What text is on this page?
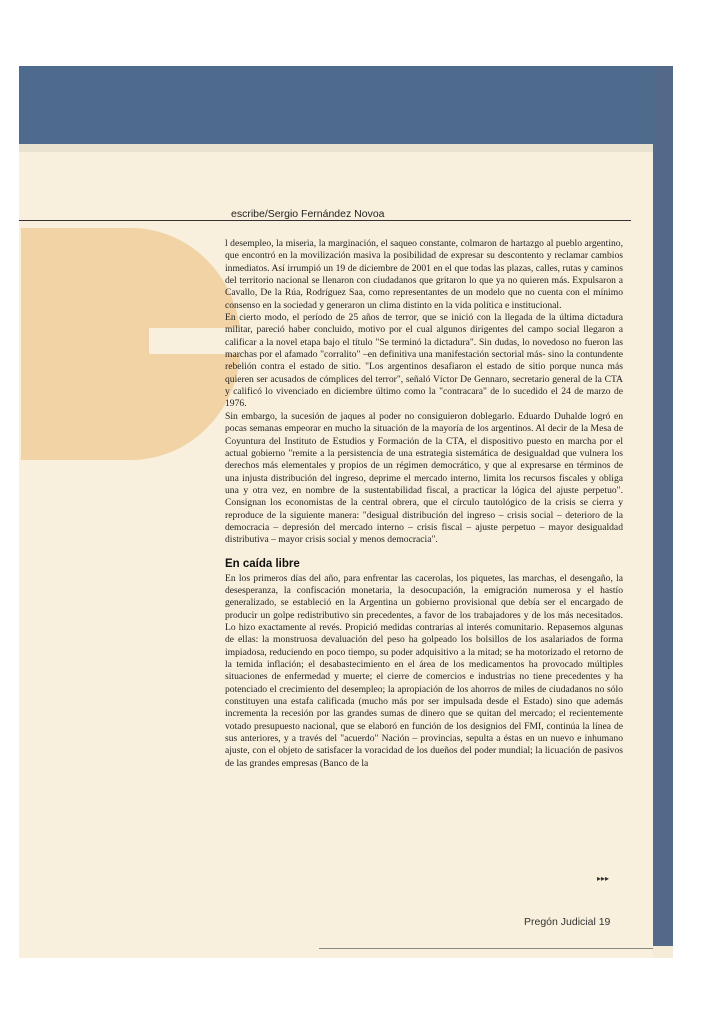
escribe/Sergio Fernández Novoa

l desempleo, la miseria, la marginación, el saqueo constante, colmaron de hartazgo al pueblo argentino, que encontró en la movilización masiva la posibilidad de expresar su descontento y reclamar cambios inmediatos. Así irrumpió un 19 de diciembre de 2001 en el que todas las plazas, calles, rutas y caminos del territorio nacional se llenaron con ciudadanos que gritaron lo que ya no quieren más. Expulsaron a Cavallo, De la Rúa, Rodríguez Saa, como representantes de un modelo que no cuenta con el mínimo consenso en la sociedad y generaron un clima distinto en la vida política e institucional.

En cierto modo, el período de 25 años de terror, que se inició con la llegada de la última dictadura militar, pareció haber concluido, motivo por el cual algunos dirigentes del campo social llegaron a calificar a la novel etapa bajo el título "Se terminó la dictadura". Sin dudas, lo novedoso no fueron las marchas por el afamado "corralito" –en definitiva una manifestación sectorial más- sino la contundente rebelión contra el estado de sitio. "Los argentinos desafiaron el estado de sitio porque nunca más quieren ser acusados de cómplices del terror", señaló Víctor De Gennaro, secretario general de la CTA y calificó lo vivenciado en diciembre último como la "contracara" de lo sucedido el 24 de marzo de 1976.

Sin embargo, la sucesión de jaques al poder no consiguieron doblegarlo. Eduardo Duhalde logró en pocas semanas empeorar en mucho la situación de la mayoría de los argentinos. Al decir de la Mesa de Coyuntura del Instituto de Estudios y Formación de la CTA, el dispositivo puesto en marcha por el actual gobierno "remite a la persistencia de una estrategia sistemática de desigualdad que vulnera los derechos más elementales y propios de un régimen democrático, y que al expresarse en términos de una injusta distribución del ingreso, deprime el mercado interno, limita los recursos fiscales y obliga una y otra vez, en nombre de la sustentabilidad fiscal, a practicar la lógica del ajuste perpetuo". Consignan los economistas de la central obrera, que el círculo tautológico de la crisis se cierra y reproduce de la siguiente manera: "desigual distribución del ingreso – crisis social – deterioro de la democracia – depresión del mercado interno – crisis fiscal – ajuste perpetuo – mayor desigualdad distributiva – mayor crisis social y menos democracia".

En caída libre

En los primeros días del año, para enfrentar las cacerolas, los piquetes, las marchas, el desengaño, la desesperanza, la confiscación monetaria, la desocupación, la emigración numerosa y el hastío generalizado, se estableció en la Argentina un gobierno provisional que debía ser el encargado de producir un golpe redistributivo sin precedentes, a favor de los trabajadores y de los más necesitados. Lo hizo exactamente al revés. Propició medidas contrarias al interés comunitario. Repasemos algunas de ellas: la monstruosa devaluación del peso ha golpeado los bolsillos de los asalariados de forma impiadosa, reduciendo en poco tiempo, su poder adquisitivo a la mitad; se ha motorizado el retorno de la temida inflación; el desabastecimiento en el área de los medicamentos ha provocado múltiples situaciones de enfermedad y muerte; el cierre de comercios e industrias no tiene precedentes y ha potenciado el crecimiento del desempleo; la apropiación de los ahorros de miles de ciudadanos no sólo constituyen una estafa calificada (mucho más por ser impulsada desde el Estado) sino que además incrementa la recesión por las grandes sumas de dinero que se quitan del mercado; el recientemente votado presupuesto nacional, que se elaboró en función de los designios del FMI, continúa la línea de sus anteriores, y a través del "acuerdo" Nación – provincias, sepulta a éstas en un nuevo e inhumano ajuste, con el objeto de satisfacer la voracidad de los dueños del poder mundial; la licuación de pasivos de las grandes empresas (Banco de la

▸▸▸
Pregón Judicial 19
